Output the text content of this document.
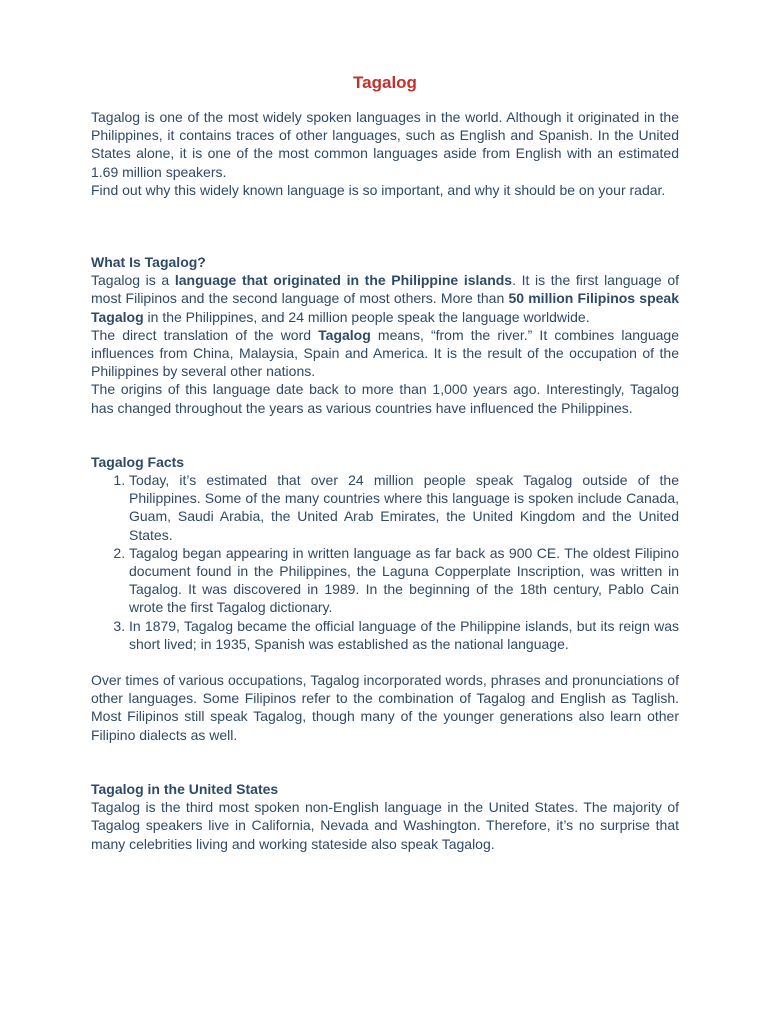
Tagalog

Tagalog is one of the most widely spoken languages in the world. Although it originated in the Philippines, it contains traces of other languages, such as English and Spanish. In the United States alone, it is one of the most common languages aside from English with an estimated 1.69 million speakers.

Find out why this widely known language is so important, and why it should be on your radar.

What Is Tagalog?

Tagalog is a language that originated in the Philippine islands. It is the first language of most Filipinos and the second language of most others. More than 50 million Filipinos speak Tagalog in the Philippines, and 24 million people speak the language worldwide.

The direct translation of the word Tagalog means, “from the river.” It combines language influences from China, Malaysia, Spain and America. It is the result of the occupation of the Philippines by several other nations.

The origins of this language date back to more than 1,000 years ago. Interestingly, Tagalog has changed throughout the years as various countries have influenced the Philippines.

Tagalog Facts
1. Today, it’s estimated that over 24 million people speak Tagalog outside of the Philippines. Some of the many countries where this language is spoken include Canada, Guam, Saudi Arabia, the United Arab Emirates, the United Kingdom and the United States.
2. Tagalog began appearing in written language as far back as 900 CE. The oldest Filipino document found in the Philippines, the Laguna Copperplate Inscription, was written in Tagalog. It was discovered in 1989. In the beginning of the 18th century, Pablo Cain wrote the first Tagalog dictionary.
3. In 1879, Tagalog became the official language of the Philippine islands, but its reign was short lived; in 1935, Spanish was established as the national language.

Over times of various occupations, Tagalog incorporated words, phrases and pronunciations of other languages. Some Filipinos refer to the combination of Tagalog and English as Taglish. Most Filipinos still speak Tagalog, though many of the younger generations also learn other Filipino dialects as well.

Tagalog in the United States

Tagalog is the third most spoken non-English language in the United States. The majority of Tagalog speakers live in California, Nevada and Washington. Therefore, it’s no surprise that many celebrities living and working stateside also speak Tagalog.
